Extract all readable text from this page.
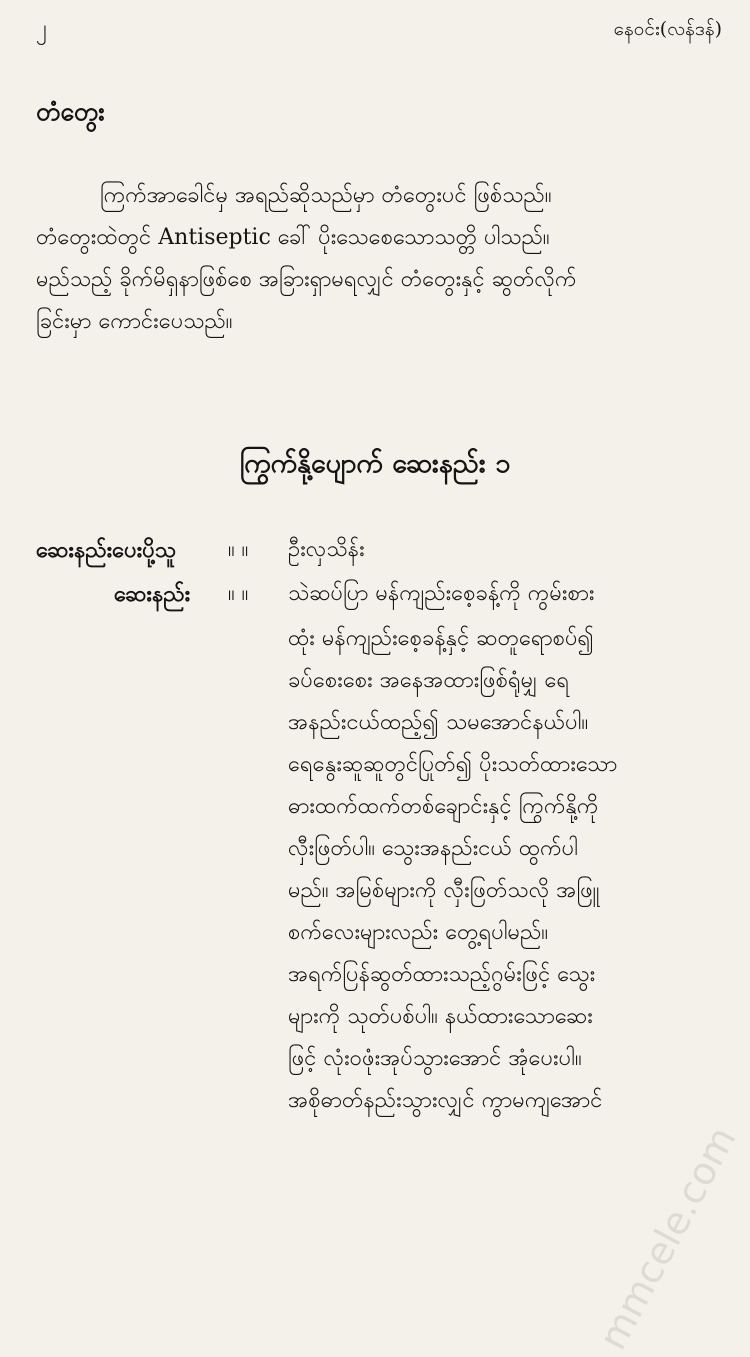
၂	နေဝင်း(လန်ဒန်)
တံတွေး
ကြက်အာခေါင်မှ အရည်ဆိုသည်မှာ တံတွေးပင် ဖြစ်သည်။
တံတွေးထဲတွင် Antiseptic ခေါ် ပိုးသေစေသောသတ္တိ ပါသည်။
မည်သည့် ခိုက်မိရှနာဖြစ်စေ အခြားရှာမရလျှင် တံတွေးနှင့် ဆွတ်လိုက်
ခြင်းမှာ ကောင်းပေသည်။
ကြွက်နို့ပျောက် ဆေးနည်း ၁
ဆေးနည်းပေးပို့သူ ။ ။ ဦးလှသိန်း
ဆေးနည်း ။ ။ သဲဆပ်ပြာ မန်ကျည်းစေ့ခန့်ကို ကွမ်းစား
ထုံး မန်ကျည်းစေ့ခန့်နှင့် ဆတူရောစပ်၍
ခပ်စေးစေး အနေအထားဖြစ်ရုံမျှ ရေ
အနည်းငယ်ထည့်၍ သမအောင်နယ်ပါ။
ရေနွေးဆူဆူတွင်ပြုတ်၍ ပိုးသတ်ထားသော
ဓားထက်ထက်တစ်ချောင်းနှင့် ကြွက်နို့ကို
လှီးဖြတ်ပါ။ သွေးအနည်းငယ် ထွက်ပါ
မည်။ အမြစ်များကို လှီးဖြတ်သလို အဖြူ
စက်လေးများလည်း တွေ့ရပါမည်။
အရက်ပြန်ဆွတ်ထားသည့်ဂွမ်းဖြင့် သွေး
များကို သုတ်ပစ်ပါ။ နယ်ထားသောဆေး
ဖြင့် လုံးဝဖုံးအုပ်သွားအောင် အုံပေးပါ။
အစိုဓာတ်နည်းသွားလျှင် ကွာမကျအောင်
mmcele.com
